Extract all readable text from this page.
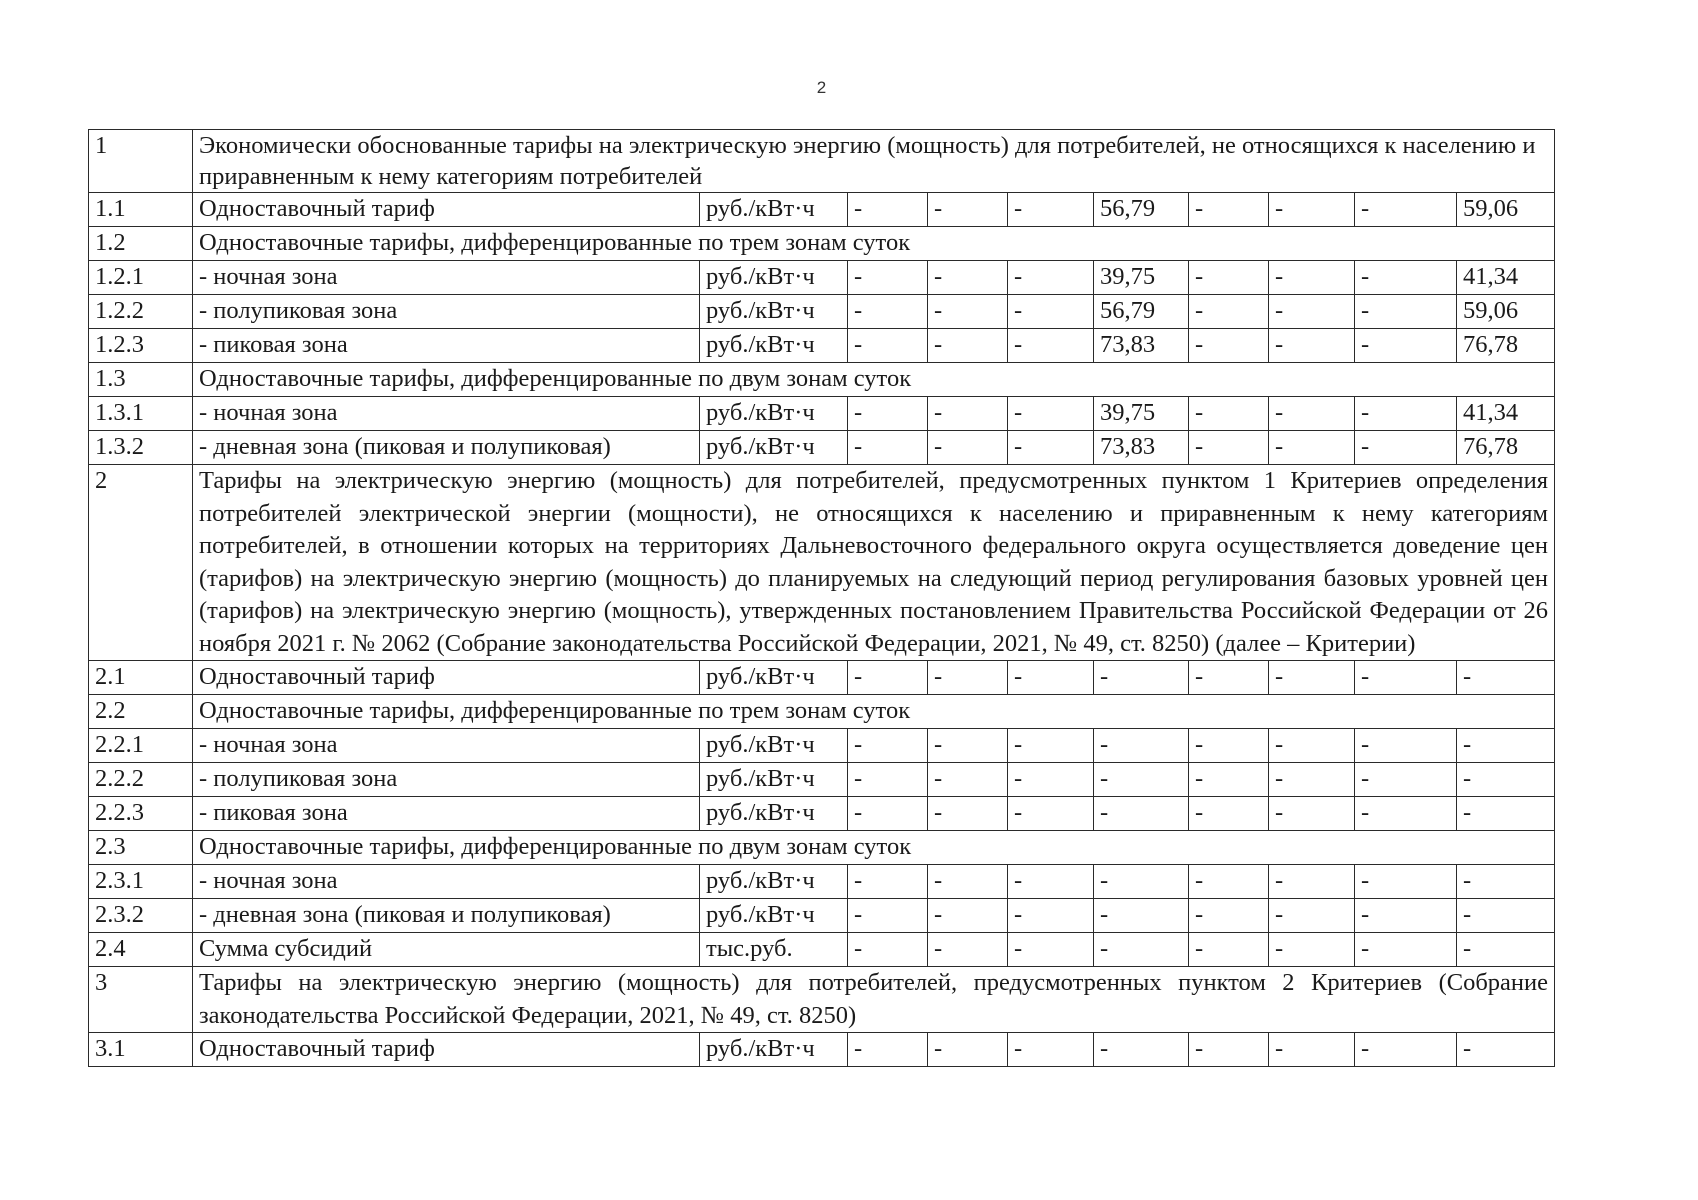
2
1	Экономически обоснованные тарифы на электрическую энергию (мощность) для потребителей, не относящихся к населению и приравненным к нему категориям потребителей									
1.1	Одноставочный тариф	руб./кВт·ч	-	-	-	56,79	-	-	-	59,06
1.2	Одноставочные тарифы, дифференцированные по трем зонам суток									
1.2.1	- ночная зона	руб./кВт·ч	-	-	-	39,75	-	-	-	41,34
1.2.2	- полупиковая зона	руб./кВт·ч	-	-	-	56,79	-	-	-	59,06
1.2.3	- пиковая зона	руб./кВт·ч	-	-	-	73,83	-	-	-	76,78
1.3	Одноставочные тарифы, дифференцированные по двум зонам суток									
1.3.1	- ночная зона	руб./кВт·ч	-	-	-	39,75	-	-	-	41,34
1.3.2	- дневная зона (пиковая и полупиковая)	руб./кВт·ч	-	-	-	73,83	-	-	-	76,78
2	Тарифы на электрическую энергию (мощность) для потребителей, предусмотренных пунктом 1 Критериев определения потребителей электрической энергии (мощности), не относящихся к населению и приравненным к нему категориям потребителей, в отношении которых на территориях Дальневосточного федерального округа осуществляется доведение цен (тарифов) на электрическую энергию (мощность) до планируемых на следующий период регулирования базовых уровней цен (тарифов) на электрическую энергию (мощность), утвержденных постановлением Правительства Российской Федерации от 26 ноября 2021 г. № 2062 (Собрание законодательства Российской Федерации, 2021, № 49, ст. 8250) (далее – Критерии)									
2.1	Одноставочный тариф	руб./кВт·ч	-	-	-	-	-	-	-	-
2.2	Одноставочные тарифы, дифференцированные по трем зонам суток									
2.2.1	- ночная зона	руб./кВт·ч	-	-	-	-	-	-	-	-
2.2.2	- полупиковая зона	руб./кВт·ч	-	-	-	-	-	-	-	-
2.2.3	- пиковая зона	руб./кВт·ч	-	-	-	-	-	-	-	-
2.3	Одноставочные тарифы, дифференцированные по двум зонам суток									
2.3.1	- ночная зона	руб./кВт·ч	-	-	-	-	-	-	-	-
2.3.2	- дневная зона (пиковая и полупиковая)	руб./кВт·ч	-	-	-	-	-	-	-	-
2.4	Сумма субсидий	тыс.руб.	-	-	-	-	-	-	-	-
3	Тарифы на электрическую энергию (мощность) для потребителей, предусмотренных пунктом 2 Критериев (Собрание законодательства Российской Федерации, 2021, № 49, ст. 8250)									
3.1	Одноставочный тариф	руб./кВт·ч	-	-	-	-	-	-	-	-
